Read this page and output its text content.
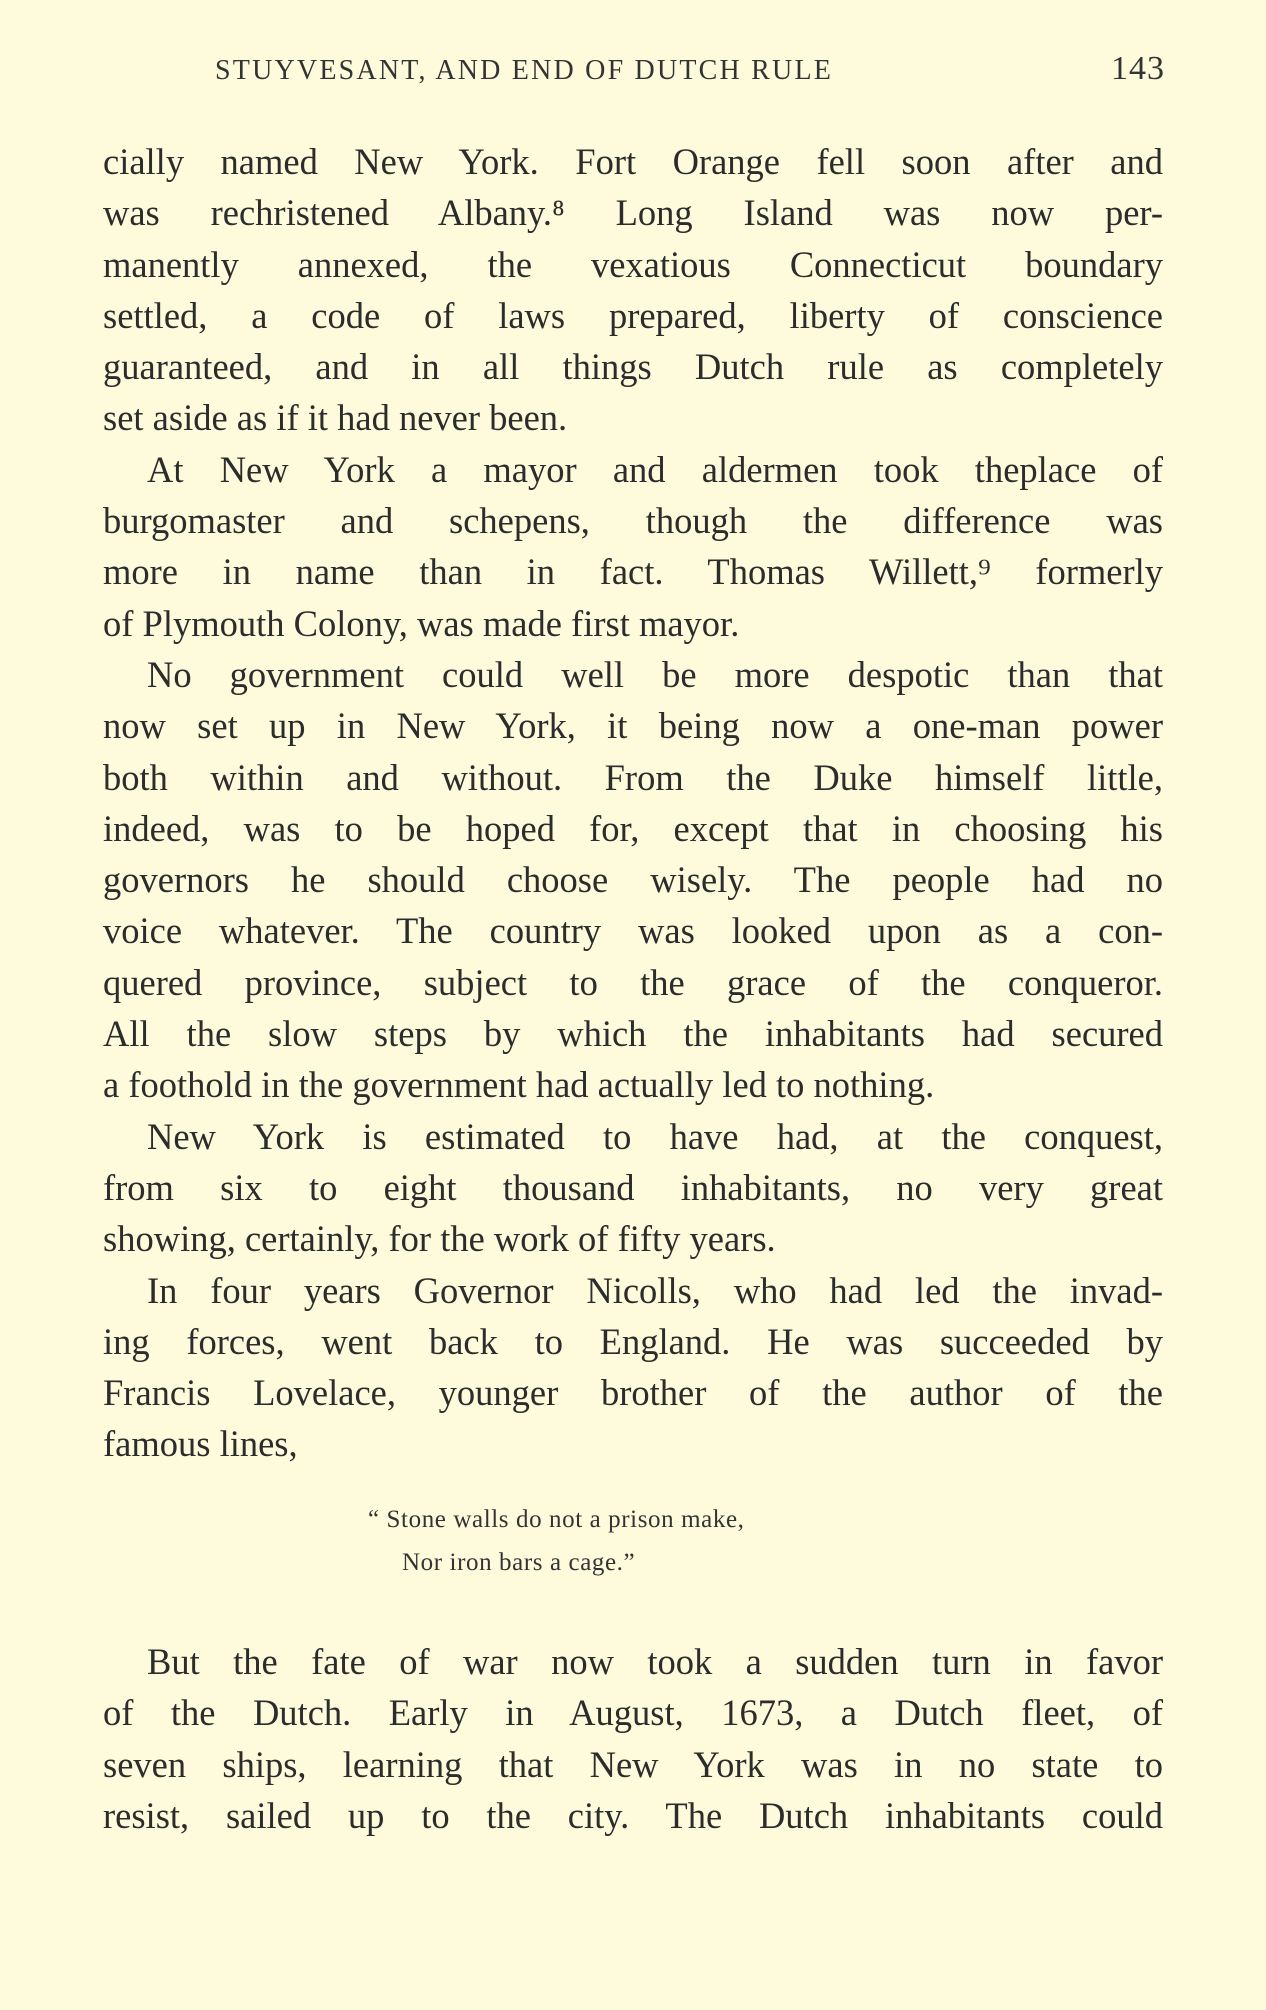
STUYVESANT, AND END OF DUTCH RULE	143
cially named New York. Fort Orange fell soon after and
was rechristened Albany.⁸ Long Island was now per-
manently annexed, the vexatious Connecticut boundary
settled, a code of laws prepared, liberty of conscience
guaranteed, and in all things Dutch rule as completely
set aside as if it had never been.
At New York a mayor and aldermen took theplace of
burgomaster and schepens, though the difference was
more in name than in fact. Thomas Willett,⁹ formerly
of Plymouth Colony, was made first mayor.
No government could well be more despotic than that
now set up in New York, it being now a one-man power
both within and without. From the Duke himself little,
indeed, was to be hoped for, except that in choosing his
governors he should choose wisely. The people had no
voice whatever. The country was looked upon as a con-
quered province, subject to the grace of the conqueror.
All the slow steps by which the inhabitants had secured
a foothold in the government had actually led to nothing.
New York is estimated to have had, at the conquest,
from six to eight thousand inhabitants, no very great
showing, certainly, for the work of fifty years.
In four years Governor Nicolls, who had led the invad-
ing forces, went back to England. He was succeeded by
Francis Lovelace, younger brother of the author of the
famous lines,
“ Stone walls do not a prison make,
Nor iron bars a cage.”
But the fate of war now took a sudden turn in favor
of the Dutch. Early in August, 1673, a Dutch fleet, of
seven ships, learning that New York was in no state to
resist, sailed up to the city. The Dutch inhabitants could
